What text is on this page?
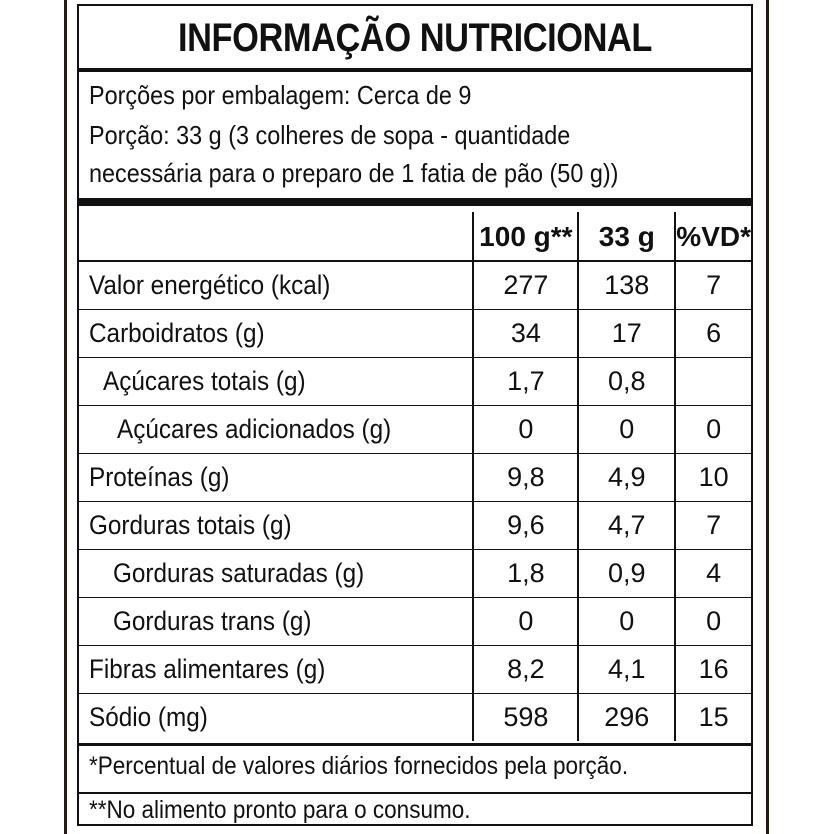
INFORMAÇÃO NUTRICIONAL
Porções por embalagem: Cerca de 9
Porção: 33 g (3 colheres de sopa - quantidade
necessária para o preparo de 1 fatia de pão (50 g))
	100 g**	33 g	%VD*
Valor energético (kcal)	277	138	7
Carboidratos (g)	34	17	6
Açúcares totais (g)	1,7	0,8	
Açúcares adicionados (g)	0	0	0
Proteínas (g)	9,8	4,9	10
Gorduras totais (g)	9,6	4,7	7
Gorduras saturadas (g)	1,8	0,9	4
Gorduras trans (g)	0	0	0
Fibras alimentares (g)	8,2	4,1	16
Sódio (mg)	598	296	15
*Percentual de valores diários fornecidos pela porção.
**No alimento pronto para o consumo.
